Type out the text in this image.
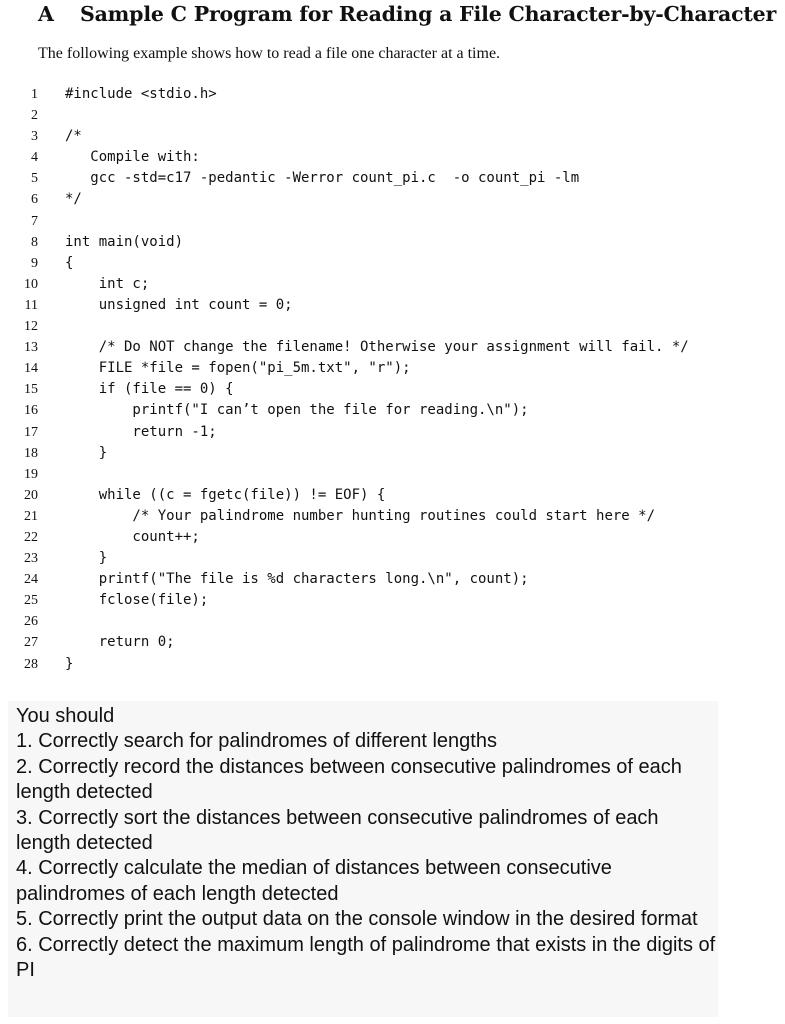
A Sample C Program for Reading a File Character-by-Character
The following example shows how to read a file one character at a time.
1 #include <stdio.h>
2
3 /*
4 Compile with:
5 gcc -std=c17 -pedantic -Werror count_pi.c  -o count_pi -lm
6 */
7
8 int main(void)
9 {
10 int c;
11 unsigned int count = 0;
12
13 /* Do NOT change the filename! Otherwise your assignment will fail. */
14 FILE *file = fopen("pi_5m.txt", "r");
15 if (file == 0) {
16 printf("I can’t open the file for reading.\n");
17 return -1;
18 }
19
20 while ((c = fgetc(file)) != EOF) {
21 /* Your palindrome number hunting routines could start here */
22 count++;
23 }
24 printf("The file is %d characters long.\n", count);
25 fclose(file);
26
27 return 0;
28 }
You should
1. Correctly search for palindromes of different lengths
2. Correctly record the distances between consecutive palindromes of each length detected
3. Correctly sort the distances between consecutive palindromes of each length detected
4. Correctly calculate the median of distances between consecutive palindromes of each length detected
5. Correctly print the output data on the console window in the desired format
6. Correctly detect the maximum length of palindrome that exists in the digits of PI
